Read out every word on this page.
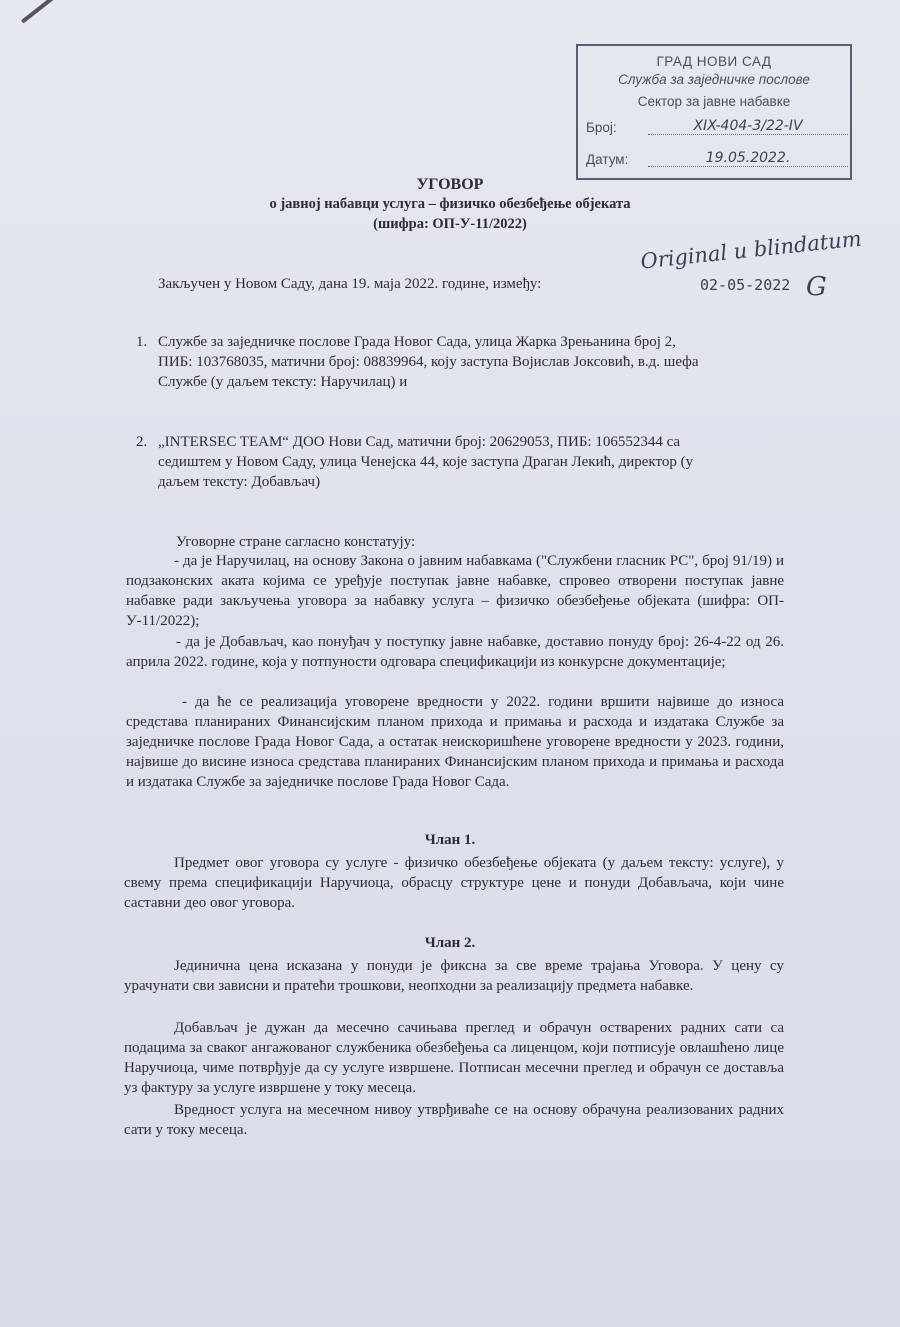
ГРАД НОВИ САД
Служба за заједничке послове
Сектор за јавне набавке
Број:	XIX-404-3/22-IV
Датум:	19.05.2022.
Original u blindatum
02-05-2022 G
УГОВОР
о јавној набавци услуга – физичко обезбеђење објеката
(шифра: ОП-У-11/2022)
Закључен у Новом Саду, дана 19. маја 2022. године, између:
1. Службе за заједничке послове Града Новог Сада, улица Жарка Зрењанина број 2,
ПИБ: 103768035, матични број: 08839964, коју заступа Војислав Јоксовић, в.д. шефа
Службе (у даљем тексту: Наручилац) и
2. „INTERSEC TEAM“ ДОО Нови Сад, матични број: 20629053, ПИБ: 106552344 са
седиштем у Новом Саду, улица Ченејска 44, које заступа Драган Лекић, директор (у
даљем тексту: Добављач)
Уговорне стране сагласно констатују:
- да је Наручилац, на основу Закона о јавним набавкама ("Службени гласник РС", број 91/19) и подзаконских аката којима се уређује поступак јавне набавке, спровео отворени поступак јавне набавке ради закључења уговора за набавку услуга – физичко обезбеђење објеката (шифра: ОП-У-11/2022);
- да је Добављач, као понуђач у поступку јавне набавке, доставио понуду број: 26-4-22 од 26. априла 2022. године, која у потпуности одговара спецификацији из конкурсне документације;
- да ће се реализација уговорене вредности у 2022. години вршити највише до износа средстава планираних Финансијским планом прихода и примања и расхода и издатака Службе за заједничке послове Града Новог Сада, а остатак неискоришћене уговорене вредности у 2023. години, највише до висине износа средстава планираних Финансијским планом прихода и примања и расхода и издатака Службе за заједничке послове Града Новог Сада.
Члан 1.
Предмет овог уговора су услуге - физичко обезбеђење објеката (у даљем тексту: услуге), у свему према спецификацији Наручиоца, обрасцу структуре цене и понуди Добављача, који чине саставни део овог уговора.
Члан 2.
Јединична цена исказана у понуди је фиксна за све време трајања Уговора. У цену су урачунати сви зависни и пратећи трошкови, неопходни за реализацију предмета набавке.
Добављач је дужан да месечно сачињава преглед и обрачун остварених радних сати са подацима за сваког ангажованог службеника обезбеђења са лиценцом, који потписује овлашћено лице Наручиоца, чиме потврђује да су услуге извршене. Потписан месечни преглед и обрачун се доставља уз фактуру за услуге извршене у току месеца.
Вредност услуга на месечном нивоу утврђиваће се на основу обрачуна реализованих радних сати у току месеца.
